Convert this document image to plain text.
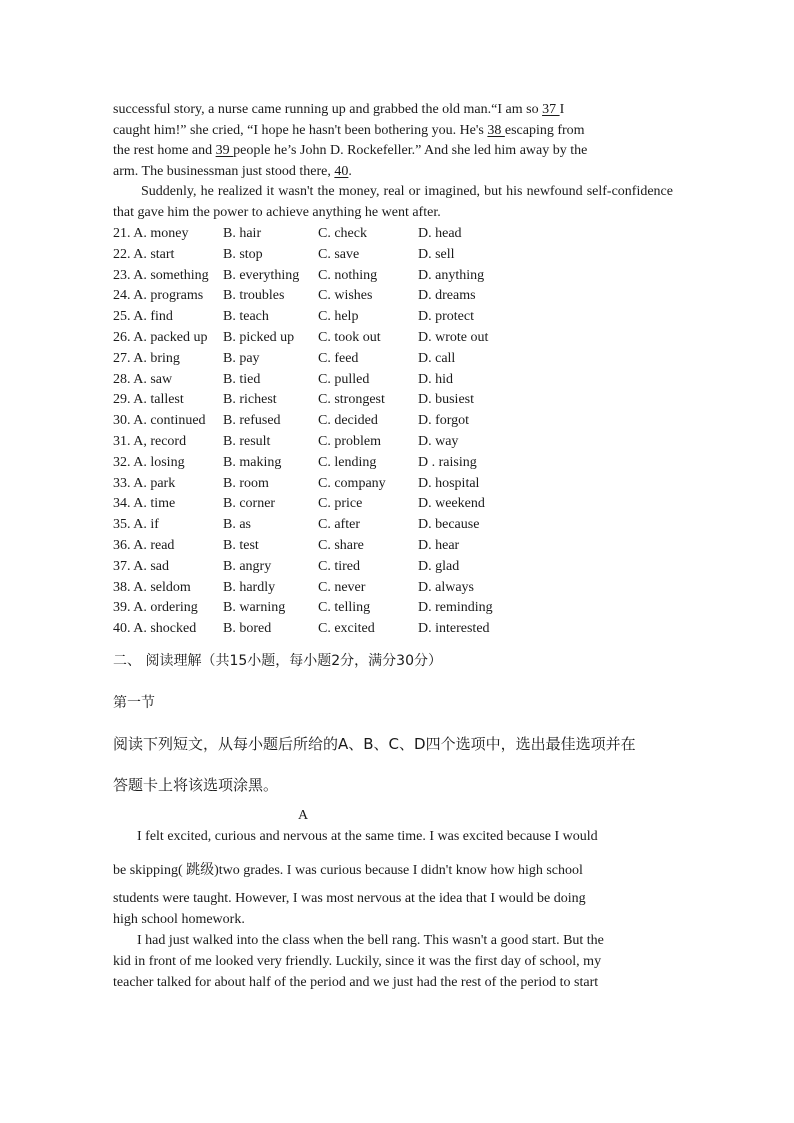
successful story, a nurse came running up and grabbed the old man.“I am so 37 I

caught him!” she cried, “I hope he hasn't been bothering you. He's 38 escaping from

the rest home and 39 people he’s John D. Rockefeller.” And she led him away by the

arm. The businessman just stood there, 40.

Suddenly, he realized it wasn't the money, real or imagined, but his newfound self-confidence that gave him the power to achieve anything he went after.

21. A. money B. hair	C. check	D. head
22. A. start	B. stop	C. save	D. sell
23. A. something B. everything C. nothing	D. anything
24. A. programs B. troubles C. wishes	D. dreams
25. A. find	B. teach	C. help	D. protect
26. A. packed up B. picked up C. took out	D. wrote out
27. A. bring	B. pay	C. feed	D. call
28. A. saw	B. tied	C. pulled	D. hid
29. A. tallest	B. richest	C. strongest D. busiest
30. A. continued B. refused	C. decided	D. forgot
31. A, record	B. result	C. problem	D. way
32. A. losing	B. making	C. lending	D . raising
33. A. park	B. room	C. company D. hospital
34. A. time	B. corner	C. price	D. weekend
35. A. if	B. as	C. after	D. because
36. A. read	B. test	C. share	D. hear
37. A. sad	B. angry	C. tired	D. glad
38. A. seldom B. hardly	C. never	D. always
39. A. ordering B. warning C. telling	D. reminding
40. A. shocked B. bored	C. excited	D. interested
二、 阅读理解（共15小题，每小题2分，满分30分）
第一节
阅读下列短文，从每小题后所给的A、B、C、D四个选项中，选出最佳选项并在
答题卡上将该选项涂黑。
A
I felt excited, curious and nervous at the same time. I was excited because I would
be skipping( 跳级)two grades. I was curious because I didn't know how high school
students were taught. However, I was most nervous at the idea that I would be doing
high school homework.
I had just walked into the class when the bell rang. This wasn't a good start. But the
kid in front of me looked very friendly. Luckily, since it was the first day of school, my
teacher talked for about half of the period and we just had the rest of the period to start
